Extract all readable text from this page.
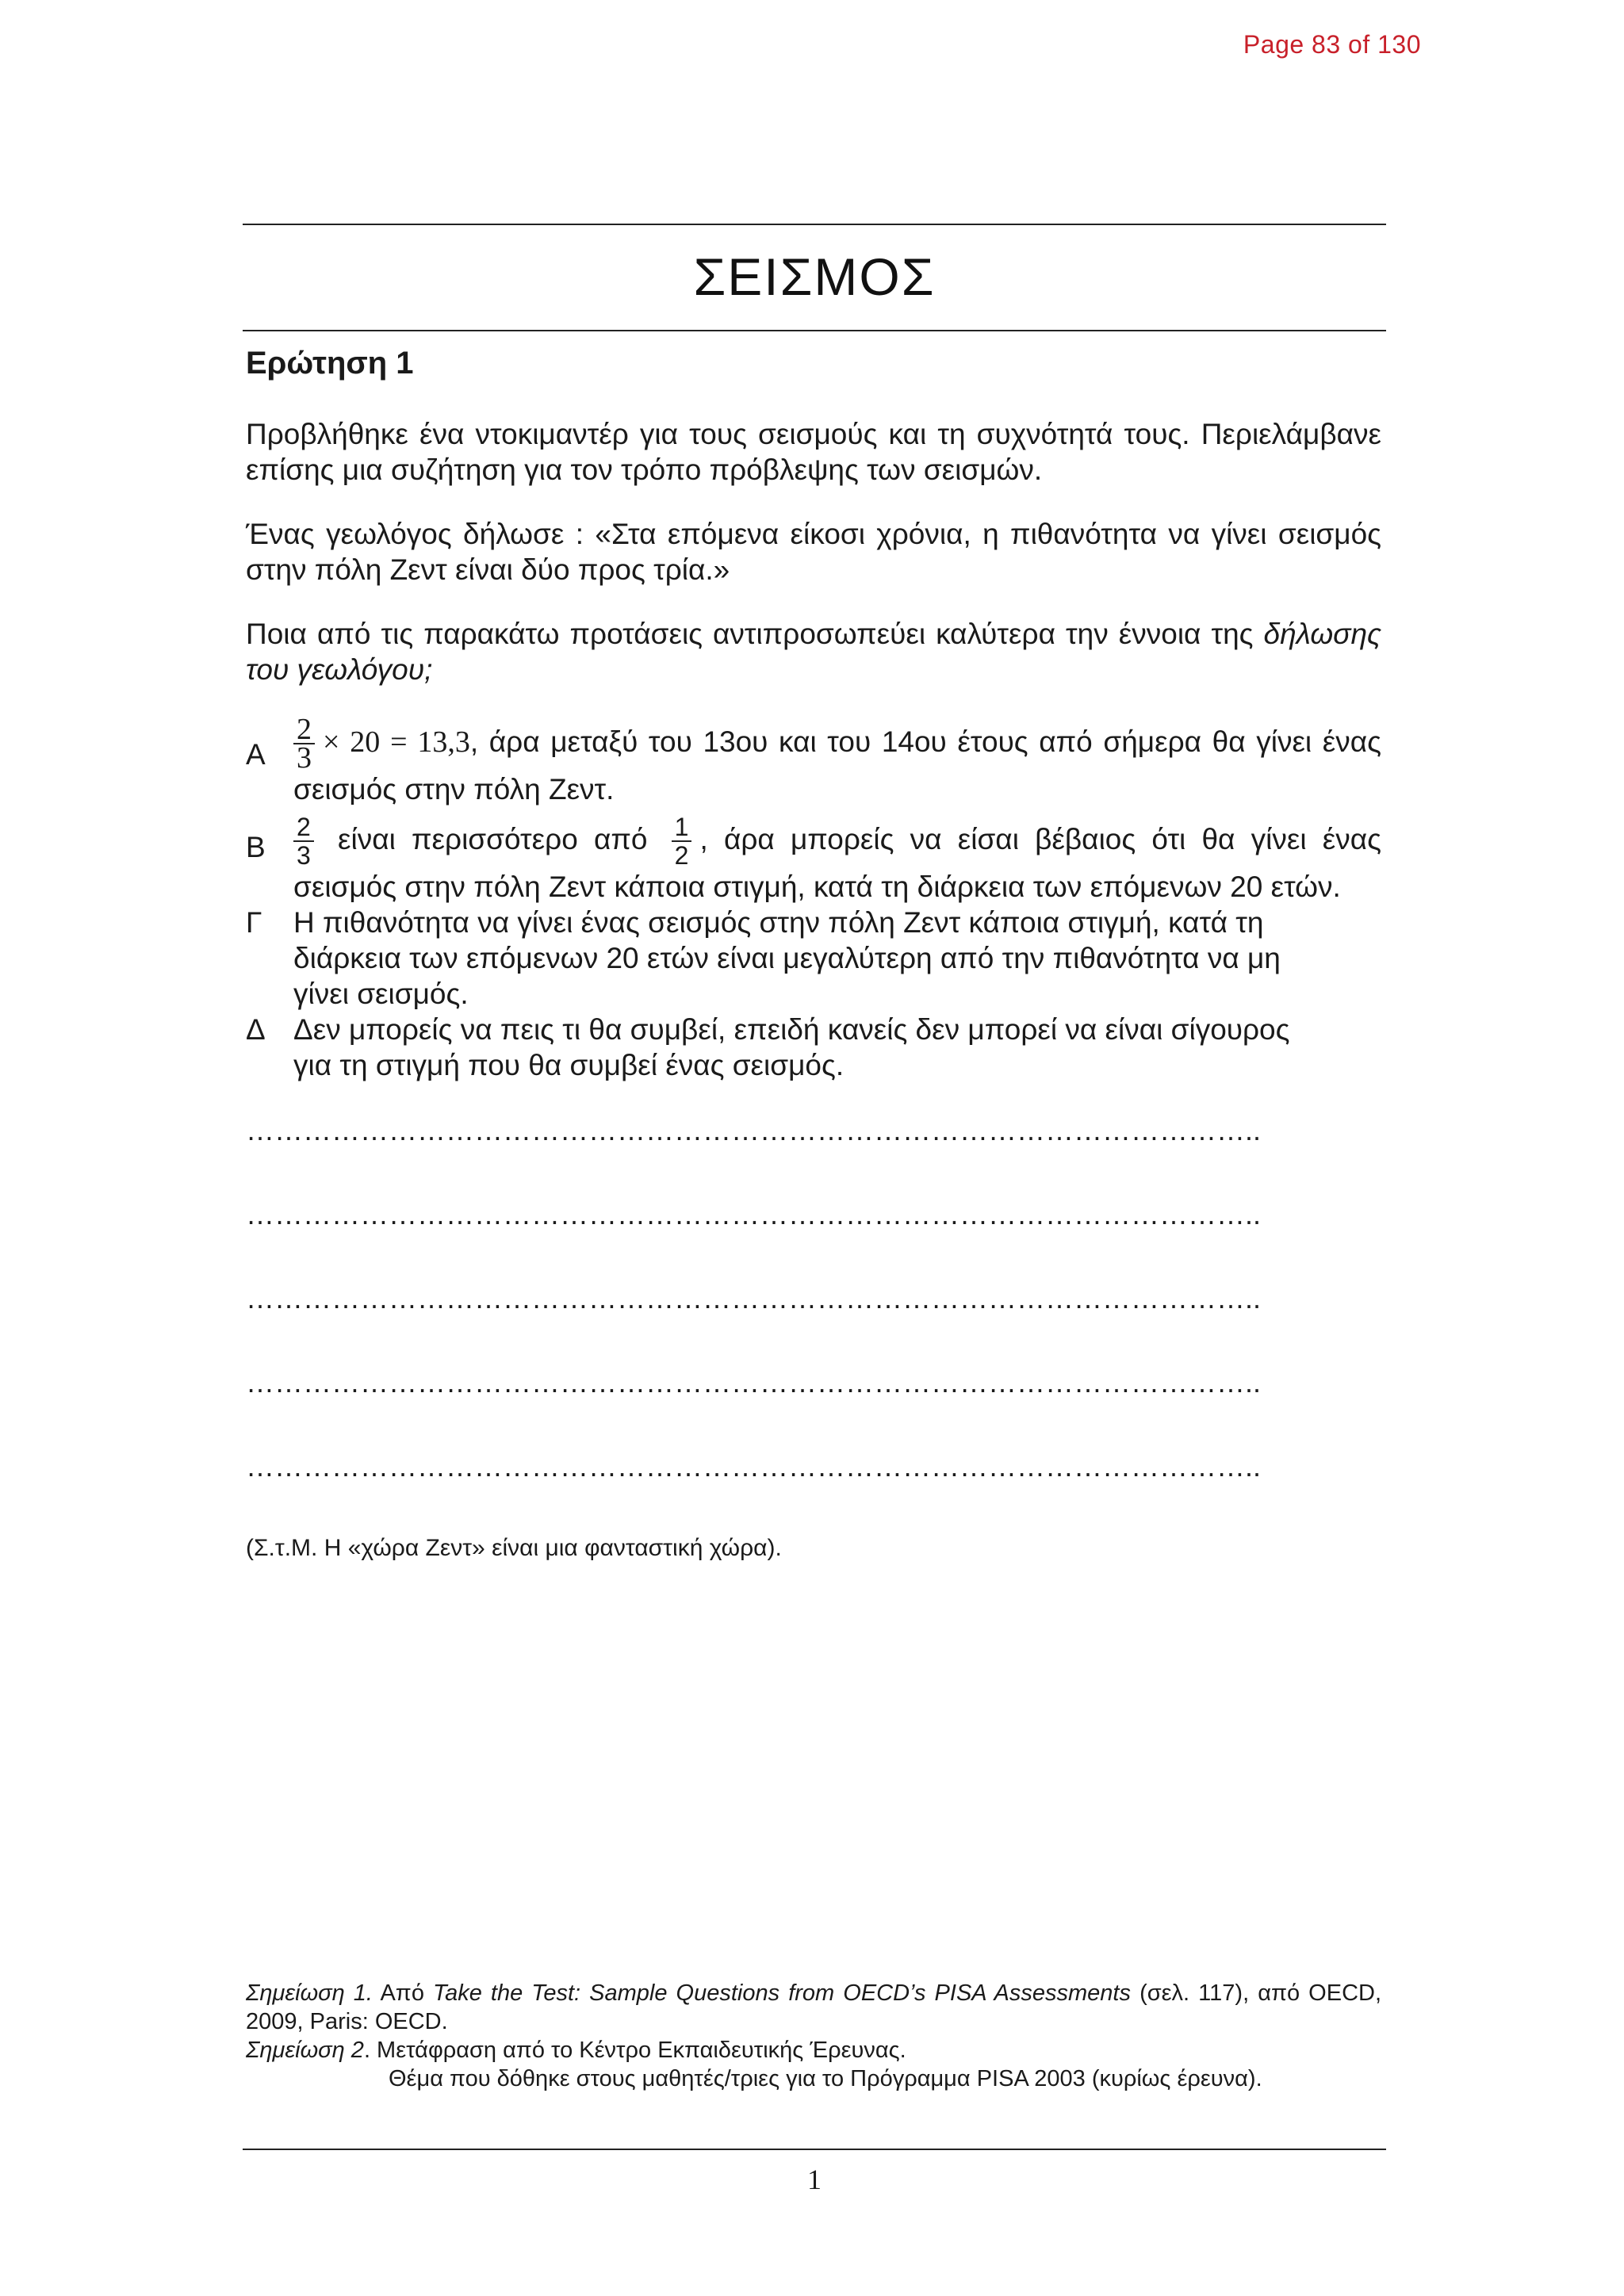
Page 83 of 130
ΣΕΙΣΜΟΣ
Ερώτηση 1

Προβλήθηκε ένα ντοκιμαντέρ για τους σεισμούς και τη συχνότητά τους. Περιελάμβανε επίσης μια συζήτηση για τον τρόπο πρόβλεψης των σεισμών.

Ένας γεωλόγος δήλωσε : «Στα επόμενα είκοσι χρόνια, η πιθανότητα να γίνει σεισμός στην πόλη Ζεντ είναι δύο προς τρία.»

Ποια από τις παρακάτω προτάσεις αντιπροσωπεύει καλύτερα την έννοια της δήλωσης του γεωλόγου;

Α $\frac{2}{3} \times 20 = 13,3$, άρα μεταξύ του 13ου και του 14ου έτους από σήμερα θα γίνει ένας σεισμός στην πόλη Ζεντ.
Β	$\frac{2}{3}$ είναι περισσότερο από $\frac{1}{2}$ , άρα μπορείς να είσαι βέβαιος ότι θα γίνει ένας σεισμός στην πόλη Ζεντ κάποια στιγμή, κατά τη διάρκεια των επόμενων 20 ετών.
Γ	Η πιθανότητα να γίνει ένας σεισμός στην πόλη Ζεντ κάποια στιγμή, κατά τη διάρκεια των επόμενων 20 ετών είναι μεγαλύτερη από την πιθανότητα να μη γίνει σεισμός.
Δ Δεν μπορείς να πεις τι θα συμβεί, επειδή κανείς δεν μπορεί να είναι σίγουρος για τη στιγμή που θα συμβεί ένας σεισμός.

……………………………………………………………………………………………..

……………………………………………………………………………………………..

……………………………………………………………………………………………..

……………………………………………………………………………………………..

……………………………………………………………………………………………..

(Σ.τ.Μ. Η «χώρα Ζεντ» είναι μια φανταστική χώρα).

Σημείωση 1. Από Take the Test: Sample Questions from OECD’s PISA Assessments (σελ. 117), από OECD, 2009, Paris: OECD.

Σημείωση 2. Μετάφραση από το Κέντρο Εκπαιδευτικής Έρευνας.

Θέμα που δόθηκε στους μαθητές/τριες για το Πρόγραμμα PISA 2003 (κυρίως έρευνα).

1
